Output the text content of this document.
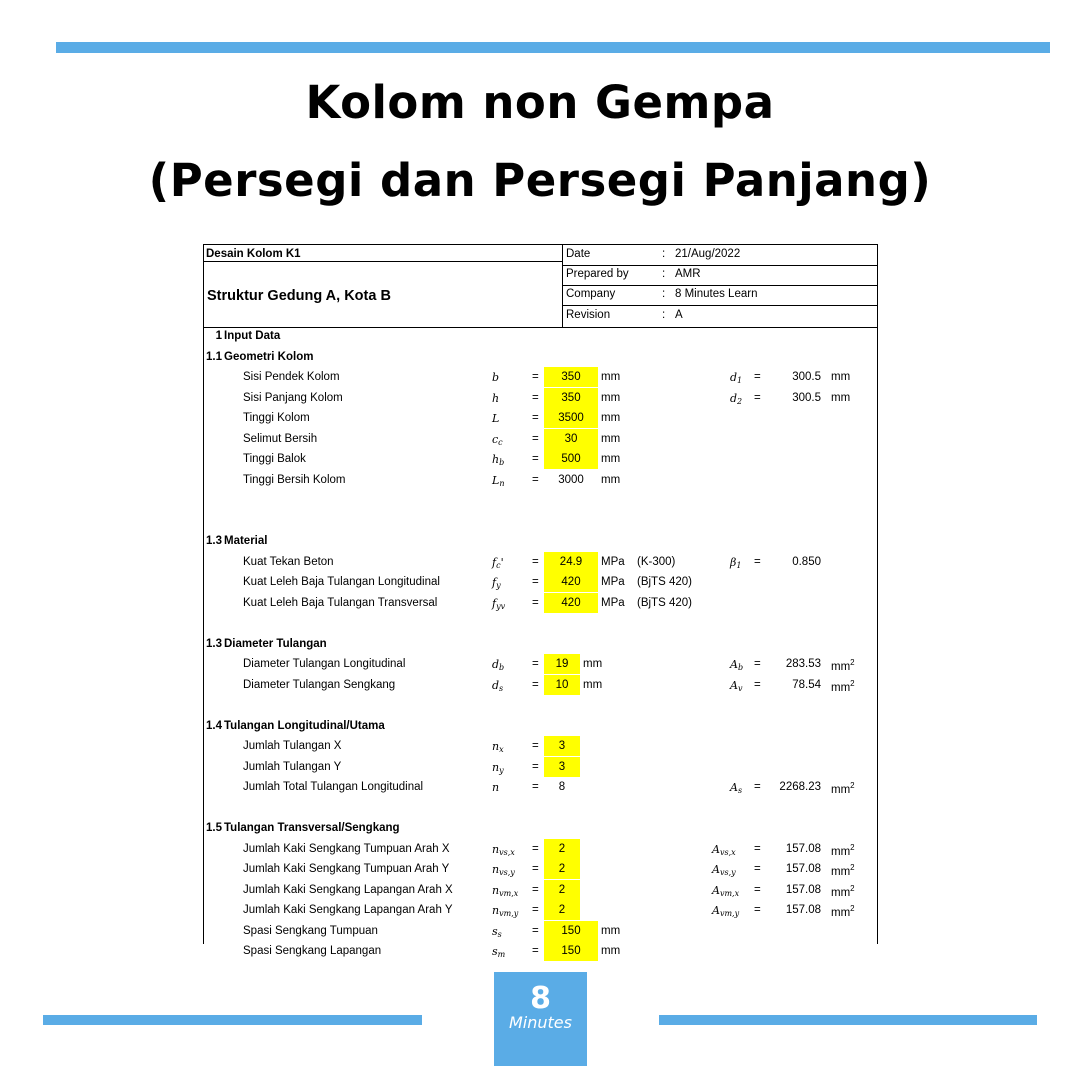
Kolom non Gempa
(Persegi dan Persegi Panjang)
Desain Kolom K1
Struktur Gedung A, Kota B
Date	: 21/Aug/2022
Prepared by	: AMR
Company	: 8 Minutes Learn
Revision	: A
1 Input Data
1.1 Geometri Kolom
Sisi Pendek Kolom	b	=	350	mm	$d_1$ =	300.5 mm
Sisi Panjang Kolom	h	=	350	mm	$d_2$ =	300.5 mm
Tinggi Kolom	L	=	3500	mm
Selimut Bersih	$c_c$	=	30	mm
Tinggi Balok	$h_b$ =	500	mm
Tinggi Bersih Kolom	$L_n$ =	3000	mm
1.3 Material
Kuat Tekan Beton	$f_c'$ =	24.9	MPa (K-300)	$\beta_1$ =	0.850
Kuat Leleh Baja Tulangan Longitudinal	$f_y$	=	420	MPa (BjTS 420)
Kuat Leleh Baja Tulangan Transversal	$f_{yv}$ =	420	MPa (BjTS 420)
1.3 Diameter Tulangan
Diameter Tulangan Longitudinal	$d_b$ =	19	mm	$A_b$ =	283.53 $mm^2$
Diameter Tulangan Sengkang	$d_s$	=	10	mm	$A_v$ =	78.54 $mm^2$
1.4 Tulangan Longitudinal/Utama
Jumlah Tulangan X	$n_x$ =	3
Jumlah Tulangan Y	$n_y$ =	3
Jumlah Total Tulangan Longitudinal	n	=	8	$A_s$ =	2268.23 $mm^2$
1.5 Tulangan Transversal/Sengkang
Jumlah Kaki Sengkang Tumpuan Arah X	$n_{vs,x}$ =	2	$A_{vs,x}$ =	157.08 $mm^2$
Jumlah Kaki Sengkang Tumpuan Arah Y	$n_{vs,y}$ =	2	$A_{vs,y}$ =	157.08 $mm^2$
Jumlah Kaki Sengkang Lapangan Arah X	$n_{vm,x}$ =	2	$A_{vm,x}$ =	157.08 $mm^2$
Jumlah Kaki Sengkang Lapangan Arah Y	$n_{vm,y}$ =	2	$A_{vm,y}$ =	157.08 $mm^2$
Spasi Sengkang Tumpuan	$s_s$	=	150	mm
Spasi Sengkang Lapangan	$s_m$ =	150	mm
8
Minutes
